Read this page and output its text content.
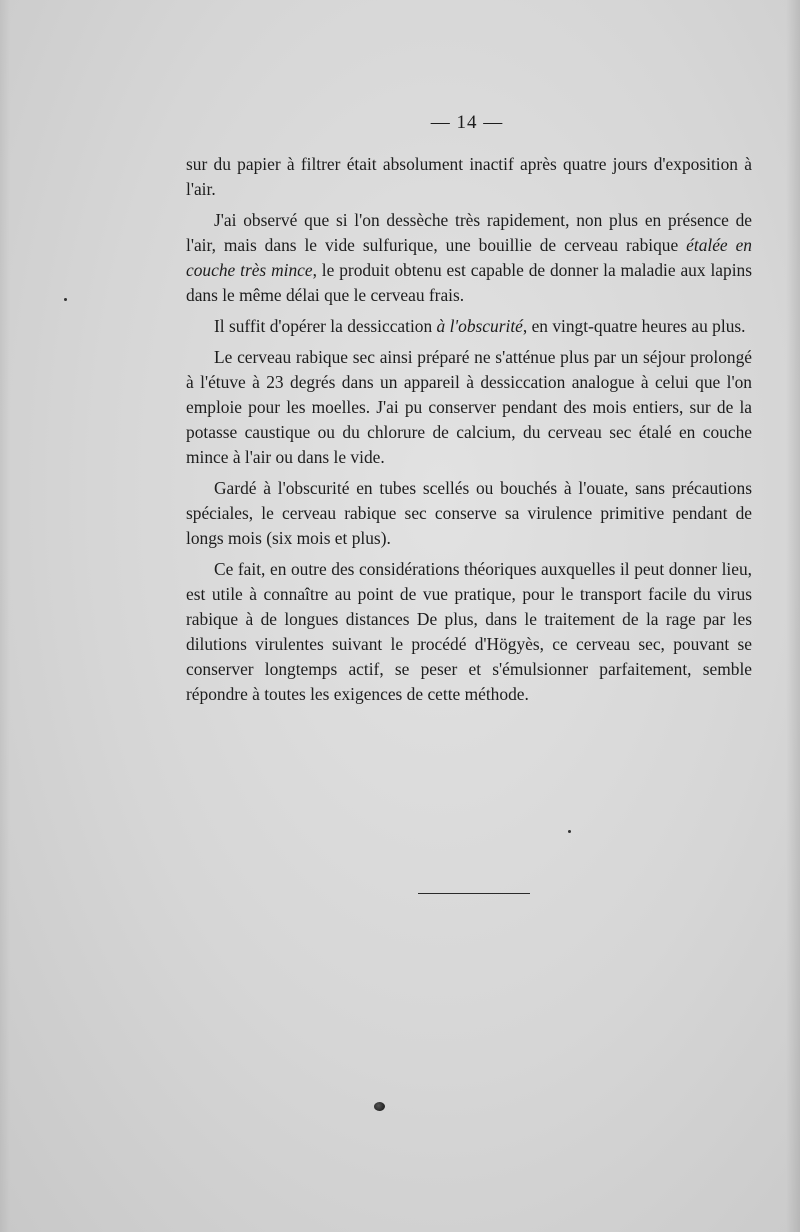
— 14 —

sur du papier à filtrer était absolument inactif après quatre jours d'exposition à l'air.

J'ai observé que si l'on dessèche très rapidement, non plus en présence de l'air, mais dans le vide sulfurique, une bouillie de cerveau rabique étalée en couche très mince, le produit obtenu est capable de donner la maladie aux lapins dans le même délai que le cerveau frais.

Il suffit d'opérer la dessiccation à l'obscurité, en vingt-quatre heures au plus.

Le cerveau rabique sec ainsi préparé ne s'atténue plus par un séjour prolongé à l'étuve à 23 degrés dans un appareil à dessiccation analogue à celui que l'on emploie pour les moelles. J'ai pu conserver pendant des mois entiers, sur de la potasse caustique ou du chlorure de calcium, du cerveau sec étalé en couche mince à l'air ou dans le vide.

Gardé à l'obscurité en tubes scellés ou bouchés à l'ouate, sans précautions spéciales, le cerveau rabique sec conserve sa virulence primitive pendant de longs mois (six mois et plus).

Ce fait, en outre des considérations théoriques auxquelles il peut donner lieu, est utile à connaître au point de vue pratique, pour le transport facile du virus rabique à de longues distances De plus, dans le traitement de la rage par les dilutions virulentes suivant le procédé d'Högyès, ce cerveau sec, pouvant se conserver longtemps actif, se peser et s'émulsionner parfaitement, semble répondre à toutes les exigences de cette méthode.
